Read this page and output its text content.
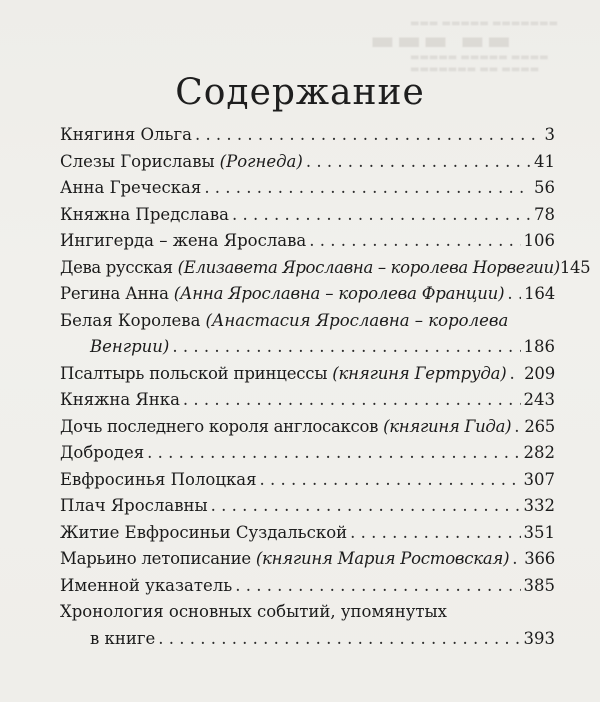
▬▬▬ ▬▬▬▬▬ ▬▬▬▬▬▬▬
▬▬▬ ▬▬
▬▬▬▬▬ ▬▬▬▬▬ ▬▬▬▬
▬▬▬▬▬▬▬ ▬▬ ▬▬▬▬
Содержание
Княгиня Ольга . . .	3
Слезы Гориславы (Рогнеда) . . .	41
Анна Греческая . . .	56
Княжна Предслава . . .	78
Ингигерда – жена Ярослава . . .	106
Дева русская (Елизавета Ярославна – королева Норвегии) 145
Регина Анна (Анна Ярославна – королева Франции) . . . 164
Белая Королева (Анастасия Ярославна – королева
Венгрии) . . .	186
Псалтырь польской принцессы (княгиня Гертруда) . . . 209
Княжна Янка . . .	243
Дочь последнего короля англосаксов (княгиня Гида) . . . 265
Добродея . . .	282
Евфросинья Полоцкая . . .	307
Плач Ярославны . . .	332
Житие Евфросиньи Суздальской . . .	351
Марьино летописание (княгиня Мария Ростовская) . . . 366
Именной указатель . . .	385
Хронология основных событий, упомянутых
в книге . . .	393
